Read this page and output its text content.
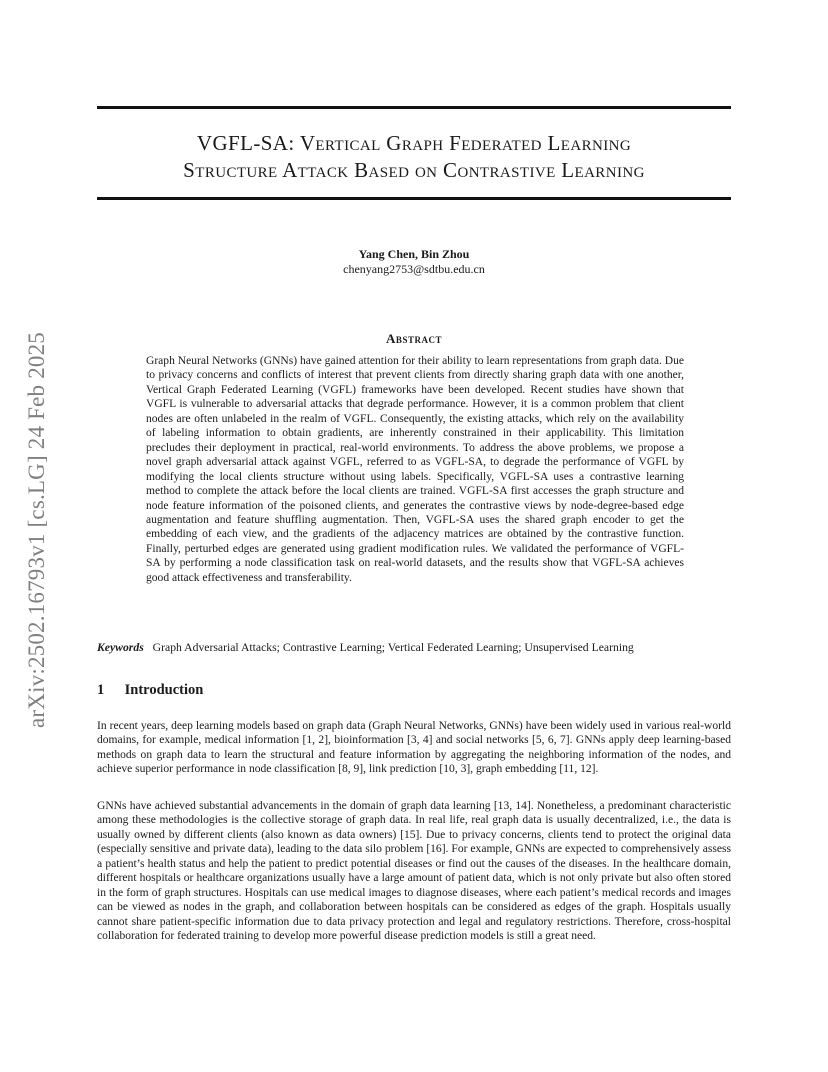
arXiv:2502.16793v1 [cs.LG] 24 Feb 2025
VGFL-SA: Vertical Graph Federated Learning
Structure Attack Based on Contrastive Learning
Yang Chen, Bin Zhou
chenyang2753@sdtbu.edu.cn
Abstract
Graph Neural Networks (GNNs) have gained attention for their ability to learn representations from graph data. Due to privacy concerns and conflicts of interest that prevent clients from directly sharing graph data with one another, Vertical Graph Federated Learning (VGFL) frameworks have been developed. Recent studies have shown that VGFL is vulnerable to adversarial attacks that degrade performance. However, it is a common problem that client nodes are often unlabeled in the realm of VGFL. Consequently, the existing attacks, which rely on the availability of labeling information to obtain gradients, are inherently constrained in their applicability. This limitation precludes their deployment in practical, real-world environments. To address the above problems, we propose a novel graph adversarial attack against VGFL, referred to as VGFL-SA, to degrade the performance of VGFL by modifying the local clients structure without using labels. Specifically, VGFL-SA uses a contrastive learning method to complete the attack before the local clients are trained. VGFL-SA first accesses the graph structure and node feature information of the poisoned clients, and generates the contrastive views by node-degree-based edge augmentation and feature shuffling augmentation. Then, VGFL-SA uses the shared graph encoder to get the embedding of each view, and the gradients of the adjacency matrices are obtained by the contrastive function. Finally, perturbed edges are generated using gradient modification rules. We validated the performance of VGFL-SA by performing a node classification task on real-world datasets, and the results show that VGFL-SA achieves good attack effectiveness and transferability.
Keywords Graph Adversarial Attacks; Contrastive Learning; Vertical Federated Learning; Unsupervised Learning
1 Introduction
In recent years, deep learning models based on graph data (Graph Neural Networks, GNNs) have been widely used in various real-world domains, for example, medical information [1, 2], bioinformation [3, 4] and social networks [5, 6, 7]. GNNs apply deep learning-based methods on graph data to learn the structural and feature information by aggregating the neighboring information of the nodes, and achieve superior performance in node classification [8, 9], link prediction [10, 3], graph embedding [11, 12].
GNNs have achieved substantial advancements in the domain of graph data learning [13, 14]. Nonetheless, a predominant characteristic among these methodologies is the collective storage of graph data. In real life, real graph data is usually decentralized, i.e., the data is usually owned by different clients (also known as data owners) [15]. Due to privacy concerns, clients tend to protect the original data (especially sensitive and private data), leading to the data silo problem [16]. For example, GNNs are expected to comprehensively assess a patient’s health status and help the patient to predict potential diseases or find out the causes of the diseases. In the healthcare domain, different hospitals or healthcare organizations usually have a large amount of patient data, which is not only private but also often stored in the form of graph structures. Hospitals can use medical images to diagnose diseases, where each patient’s medical records and images can be viewed as nodes in the graph, and collaboration between hospitals can be considered as edges of the graph. Hospitals usually cannot share patient-specific information due to data privacy protection and legal and regulatory restrictions. Therefore, cross-hospital collaboration for federated training to develop more powerful disease prediction models is still a great need.
